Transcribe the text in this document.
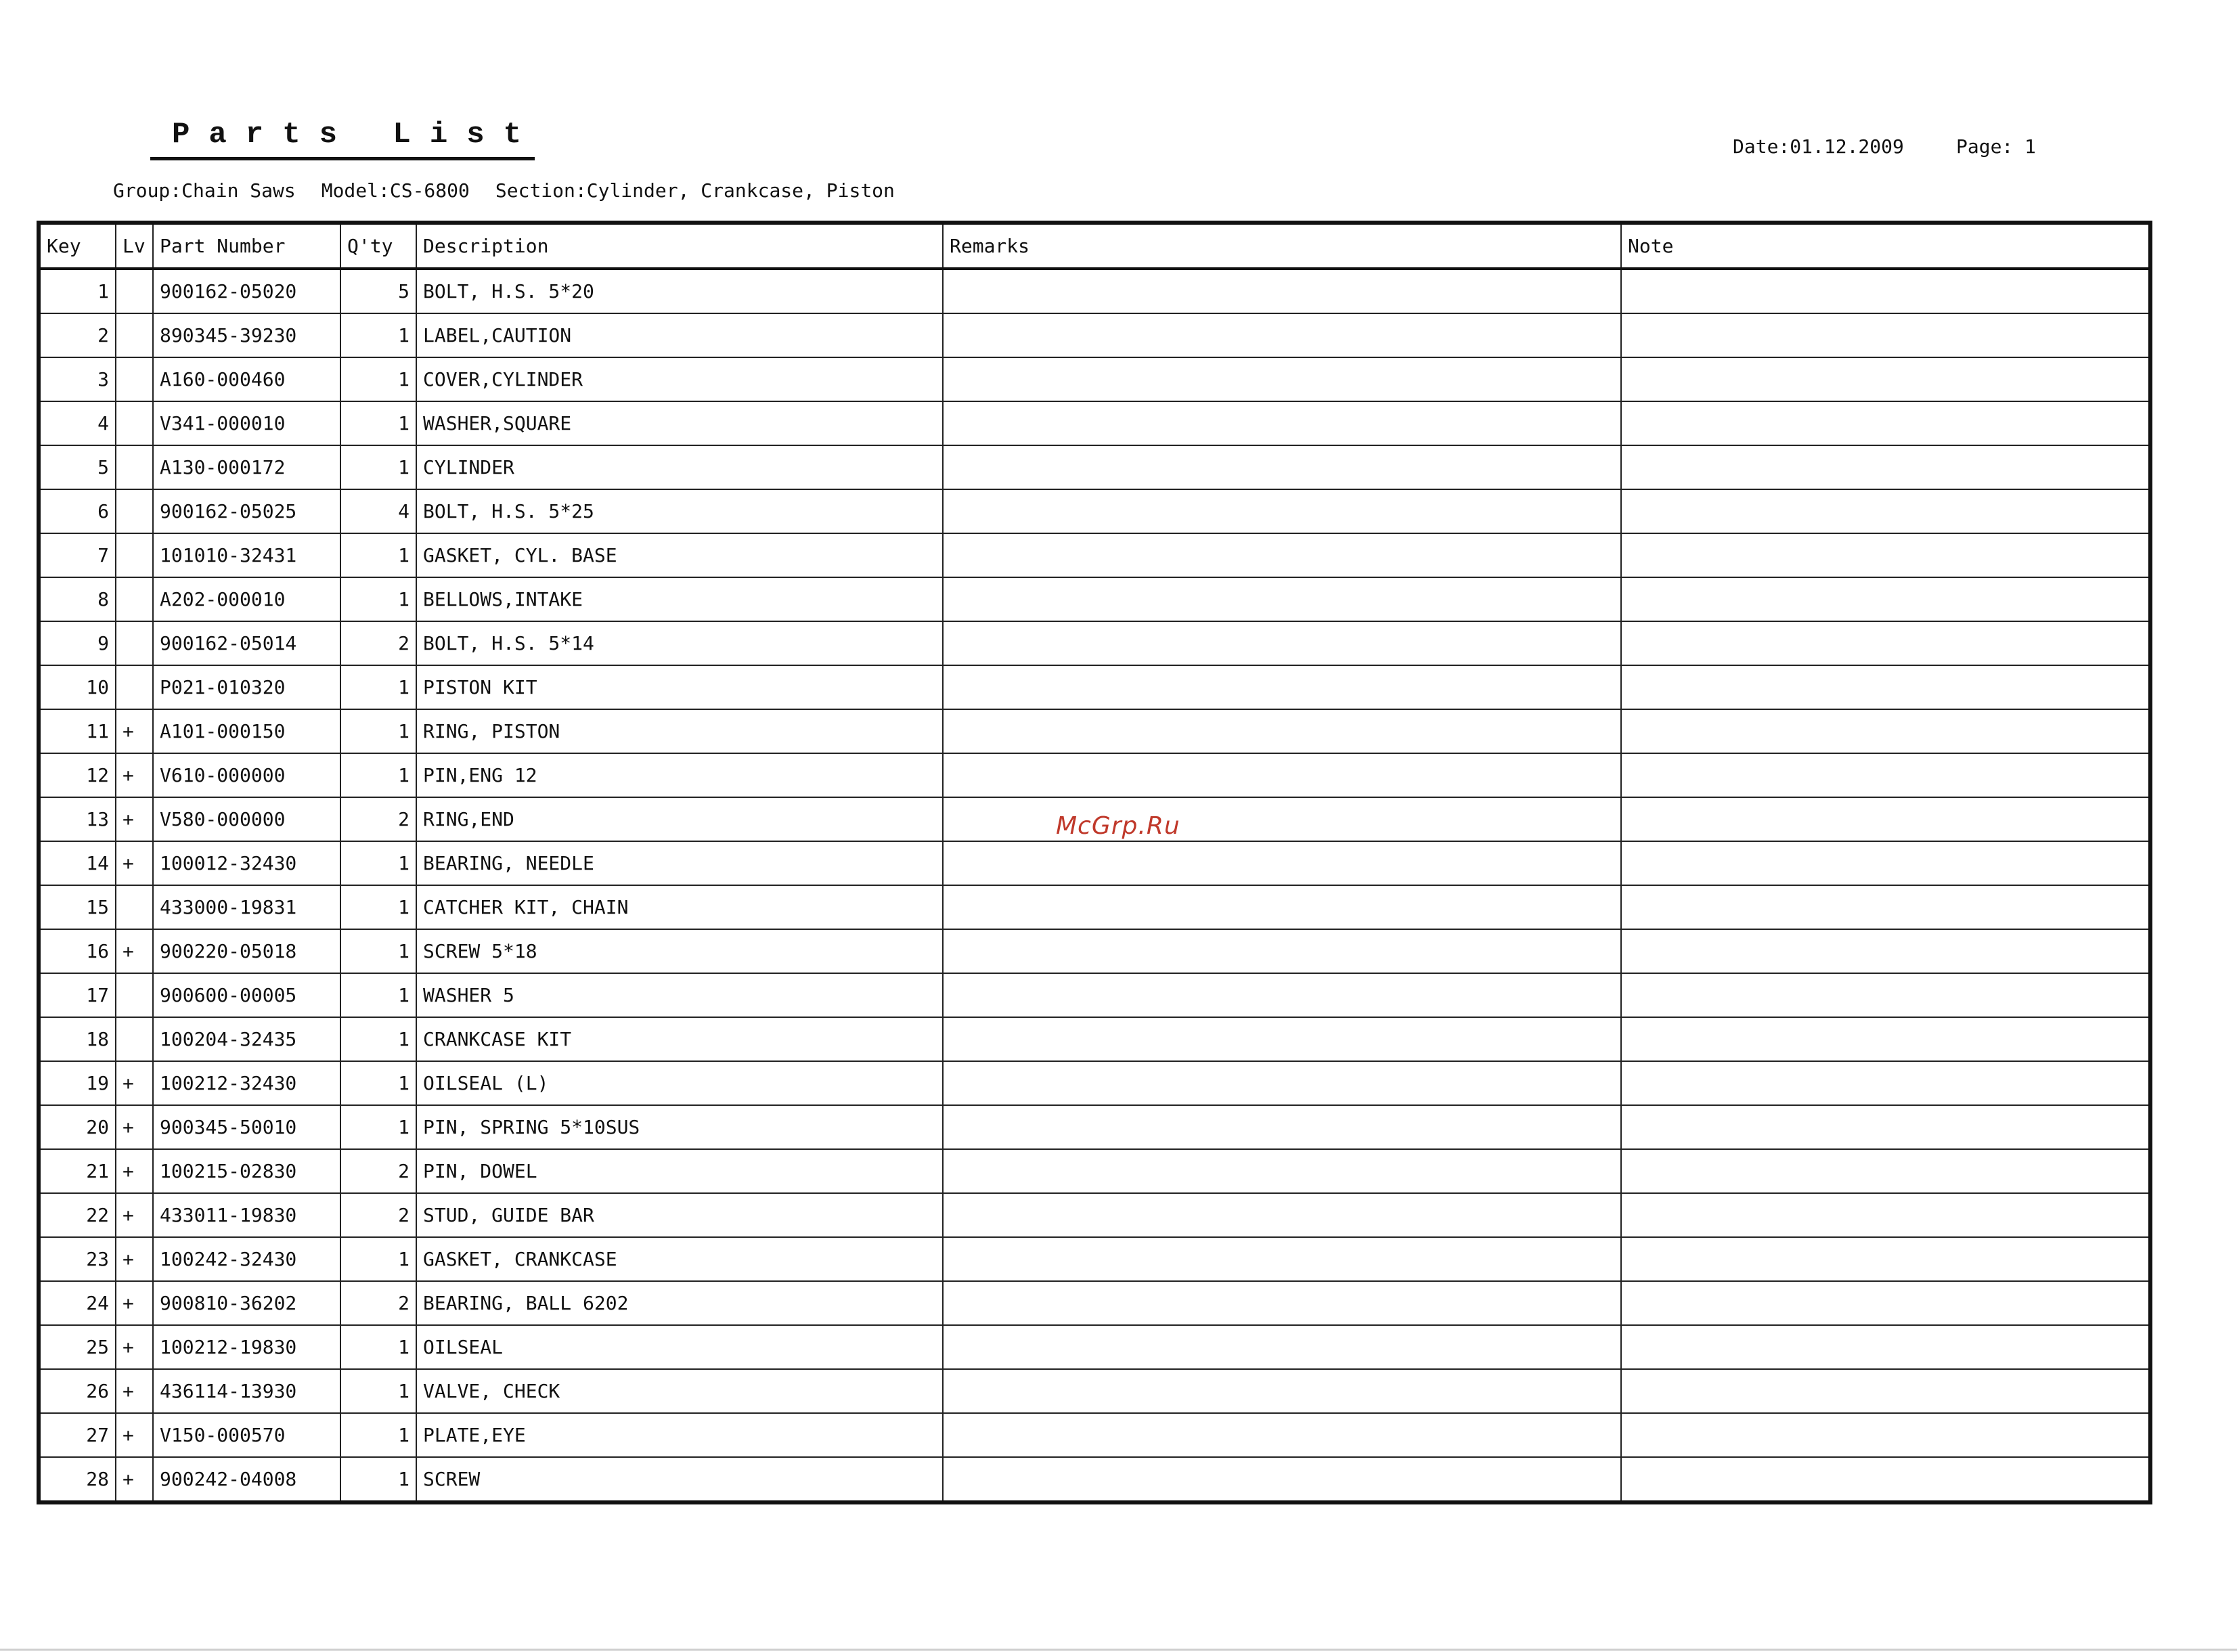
Parts List	Date:01.12.2009	Page: 1
Group:Chain Saws Model:CS-6800 Section:Cylinder, Crankcase, Piston
Key	Lv	Part Number	Q'ty	Description	Remarks	Note
1		900162-05020	5	BOLT, H.S. 5*20		
2		890345-39230	1	LABEL,CAUTION		
3		A160-000460	1	COVER,CYLINDER		
4		V341-000010	1	WASHER,SQUARE		
5		A130-000172	1	CYLINDER		
6		900162-05025	4	BOLT, H.S. 5*25		
7		101010-32431	1	GASKET, CYL. BASE		
8		A202-000010	1	BELLOWS,INTAKE		
9		900162-05014	2	BOLT, H.S. 5*14		
10		P021-010320	1	PISTON KIT		
11	+	A101-000150	1	RING, PISTON		
12	+	V610-000000	1	PIN,ENG 12		
13	+	V580-000000	2	RING,END		
14	+	100012-32430	1	BEARING, NEEDLE		
15		433000-19831	1	CATCHER KIT, CHAIN		
16	+	900220-05018	1	SCREW 5*18		
17		900600-00005	1	WASHER 5		
18		100204-32435	1	CRANKCASE KIT		
19	+	100212-32430	1	OILSEAL (L)		
20	+	900345-50010	1	PIN, SPRING 5*10SUS		
21	+	100215-02830	2	PIN, DOWEL		
22	+	433011-19830	2	STUD, GUIDE BAR		
23	+	100242-32430	1	GASKET, CRANKCASE		
24	+	900810-36202	2	BEARING, BALL 6202		
25	+	100212-19830	1	OILSEAL		
26	+	436114-13930	1	VALVE, CHECK		
27	+	V150-000570	1	PLATE,EYE		
28	+	900242-04008	1	SCREW		
McGrp.Ru
